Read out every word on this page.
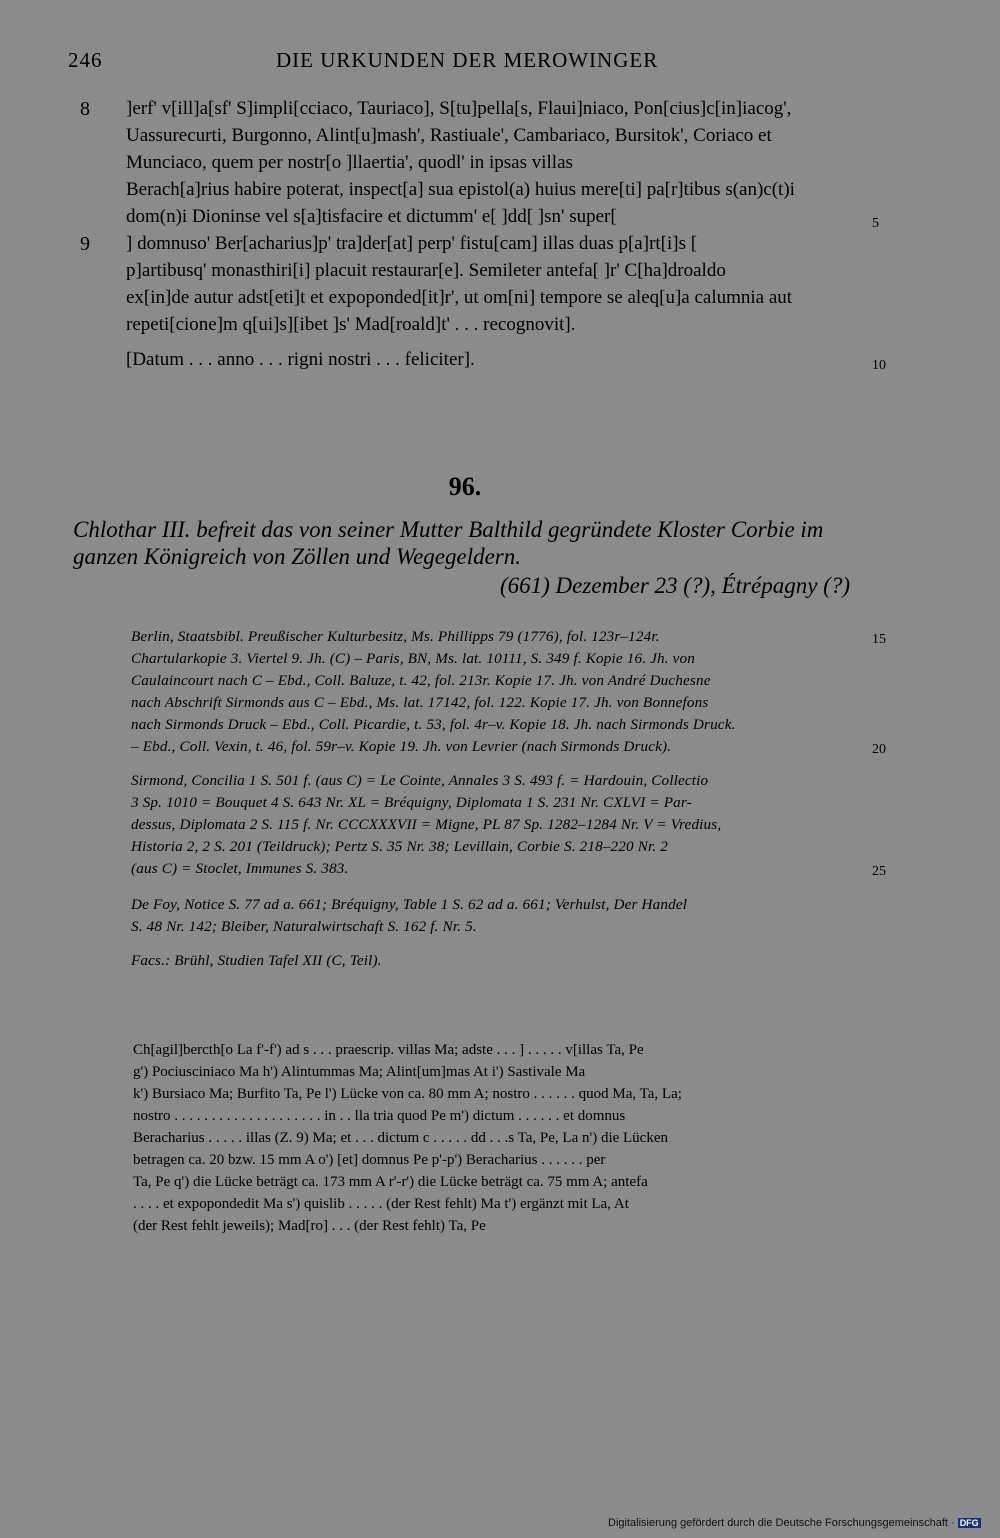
246	DIE URKUNDEN DER MEROWINGER
8
9
]erf' v[ill]a[sf' S]impli[cciaco, Tauriaco], S[tu]pella[s, Flaui]niaco, Pon[cius]c[in]iacog',
Uassurecurti, Burgonno, Alint[u]mash', Rastiuale', Cambariaco, Bursitok', Coriaco et
Munciaco, quem per nostr[o ]llaertia', quodl' in ipsas villas
Berach[a]rius habire poterat, inspect[a] sua epistol(a) huius mere[ti] pa[r]tibus s(an)c(t)i
dom(n)i Dioninse vel s[a]tisfacire et dictumm' e[ ]dd[ ]sn' super[
] domnuso' Ber[acharius]p' tra]der[at] perp' fistu[cam] illas duas p[a]rt[i]s [
p]artibusq' monasthiri[i] placuit restaurar[e]. Semileter antefa[ ]r' C[ha]droaldo
ex[in]de autur adst[eti]t et expoponded[it]r', ut om[ni] tempore se aleq[u]a calumnia aut
repeti[cione]m q[ui]s][ibet ]s' Mad[roald]t' . . . recognovit].
[Datum . . . anno . . . rigni nostri . . . feliciter].
5
10
15
20
25
96.
Chlothar III. befreit das von seiner Mutter Balthild gegründete Kloster Corbie im
ganzen Königreich von Zöllen und Wegegeldern.
(661) Dezember 23 (?), Étrépagny (?)
Berlin, Staatsbibl. Preußischer Kulturbesitz, Ms. Phillipps 79 (1776), fol. 123r–124r.
Chartularkopie 3. Viertel 9. Jh. (C) – Paris, BN, Ms. lat. 10111, S. 349 f. Kopie 16. Jh. von
Caulaincourt nach C – Ebd., Coll. Baluze, t. 42, fol. 213r. Kopie 17. Jh. von André Duchesne
nach Abschrift Sirmonds aus C – Ebd., Ms. lat. 17142, fol. 122. Kopie 17. Jh. von Bonnefons
nach Sirmonds Druck – Ebd., Coll. Picardie, t. 53, fol. 4r–v. Kopie 18. Jh. nach Sirmonds Druck.
– Ebd., Coll. Vexin, t. 46, fol. 59r–v. Kopie 19. Jh. von Levrier (nach Sirmonds Druck).
Sirmond, Concilia 1 S. 501 f. (aus C) = Le Cointe, Annales 3 S. 493 f. = Hardouin, Collectio
3 Sp. 1010 = Bouquet 4 S. 643 Nr. XL = Bréquigny, Diplomata 1 S. 231 Nr. CXLVI = Par-
dessus, Diplomata 2 S. 115 f. Nr. CCCXXXVII = Migne, PL 87 Sp. 1282–1284 Nr. V = Vredius,
Historia 2, 2 S. 201 (Teildruck); Pertz S. 35 Nr. 38; Levillain, Corbie S. 218–220 Nr. 2
(aus C) = Stoclet, Immunes S. 383.
De Foy, Notice S. 77 ad a. 661; Bréquigny, Table 1 S. 62 ad a. 661; Verhulst, Der Handel
S. 48 Nr. 142; Bleiber, Naturalwirtschaft S. 162 f. Nr. 5.
Facs.: Brühl, Studien Tafel XII (C, Teil).
Ch[agil]bercth[o La f'-f') ad s . . . praescrip. villas Ma; adste . . . ] . . . . . v[illas Ta, Pe
g') Pociusciniaco Ma h') Alintummas Ma; Alint[um]mas At i') Sastivale Ma
k') Bursiaco Ma; Burfito Ta, Pe l') Lücke von ca. 80 mm A; nostro . . . . . . quod Ma, Ta, La;
nostro . . . . . . . . . . . . . . . . . . . . in . . lla tria quod Pe m') dictum . . . . . . et domnus
Beracharius . . . . . illas (Z. 9) Ma; et . . . dictum c . . . . . dd . . .s Ta, Pe, La n') die Lücken
betragen ca. 20 bzw. 15 mm A o') [et] domnus Pe p'-p') Beracharius . . . . . . per
Ta, Pe q') die Lücke beträgt ca. 173 mm A r'-r') die Lücke beträgt ca. 75 mm A; antefa
. . . . et expopondedit Ma s') quislib . . . . . (der Rest fehlt) Ma t') ergänzt mit La, At
(der Rest fehlt jeweils); Mad[ro] . . . (der Rest fehlt) Ta, Pe
Digitalisierung gefördert durch die Deutsche Forschungsgemeinschaft · DFG
